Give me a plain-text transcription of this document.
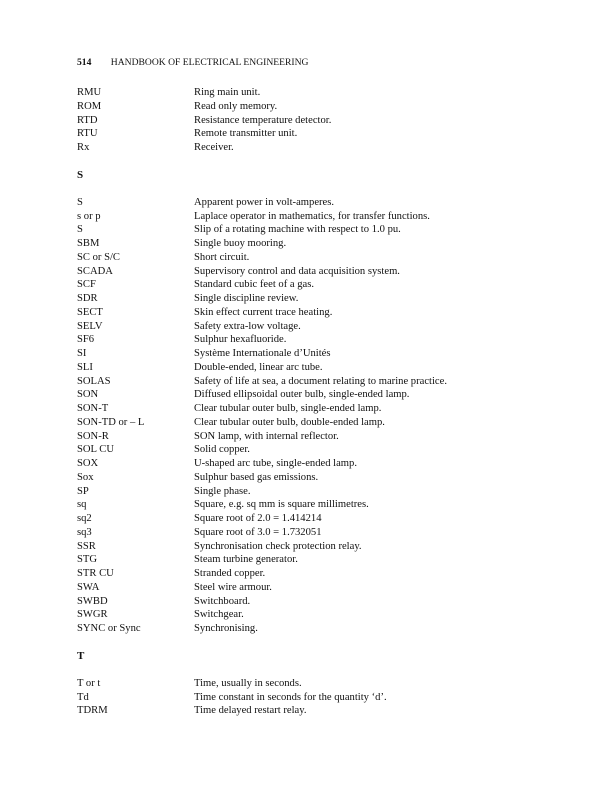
514 HANDBOOK OF ELECTRICAL ENGINEERING
RMU	Ring main unit.
ROM	Read only memory.
RTD	Resistance temperature detector.
RTU	Remote transmitter unit.
Rx	Receiver.
S
S	Apparent power in volt-amperes.
s or p	Laplace operator in mathematics, for transfer functions.
S	Slip of a rotating machine with respect to 1.0 pu.
SBM	Single buoy mooring.
SC or S/C	Short circuit.
SCADA	Supervisory control and data acquisition system.
SCF	Standard cubic feet of a gas.
SDR	Single discipline review.
SECT	Skin effect current trace heating.
SELV	Safety extra-low voltage.
SF6	Sulphur hexafluoride.
SI	Système Internationale d’Unités
SLI	Double-ended, linear arc tube.
SOLAS	Safety of life at sea, a document relating to marine practice.
SON	Diffused ellipsoidal outer bulb, single-ended lamp.
SON-T	Clear tubular outer bulb, single-ended lamp.
SON-TD or – L	Clear tubular outer bulb, double-ended lamp.
SON-R	SON lamp, with internal reflector.
SOL CU	Solid copper.
SOX	U-shaped arc tube, single-ended lamp.
Sox	Sulphur based gas emissions.
SP	Single phase.
sq	Square, e.g. sq mm is square millimetres.
sq2	Square root of 2.0 = 1.414214
sq3	Square root of 3.0 = 1.732051
SSR	Synchronisation check protection relay.
STG	Steam turbine generator.
STR CU	Stranded copper.
SWA	Steel wire armour.
SWBD	Switchboard.
SWGR	Switchgear.
SYNC or Sync	Synchronising.
T
T or t	Time, usually in seconds.
Td	Time constant in seconds for the quantity ‘d’.
TDRM	Time delayed restart relay.
